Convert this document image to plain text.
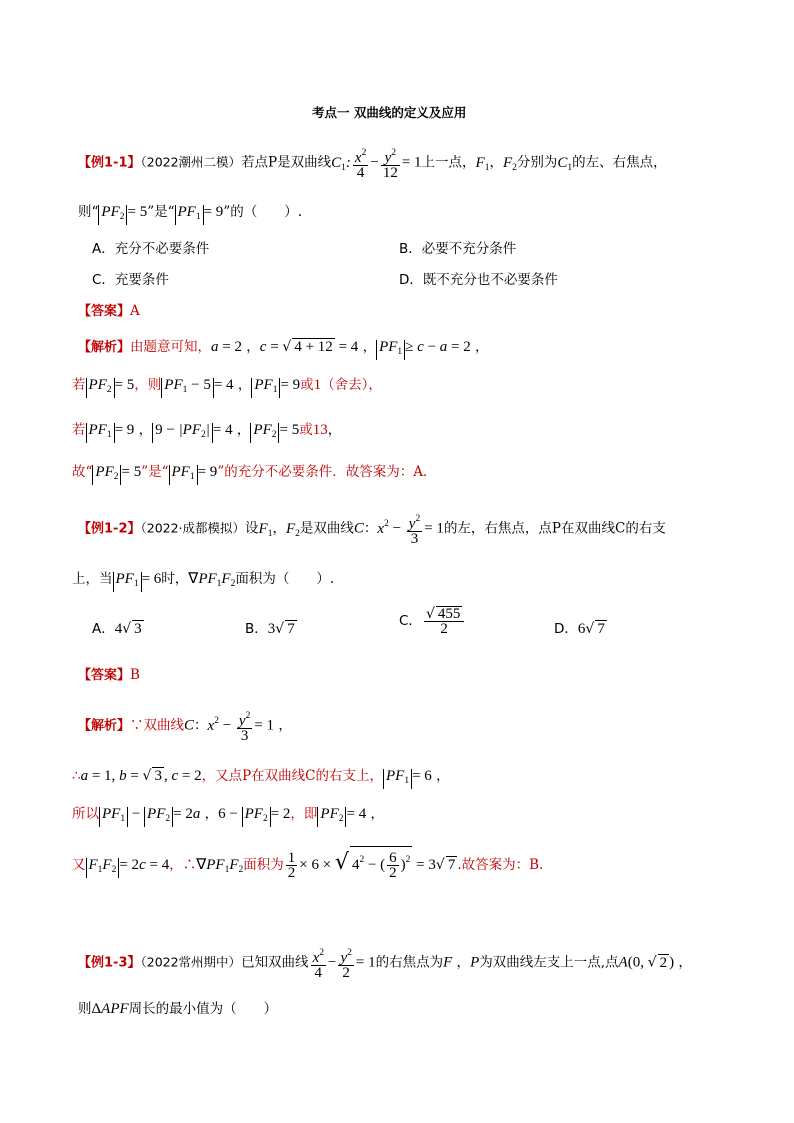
考点一 双曲线的定义及应用
【例1-1】（2022潮州二模）若点P是双曲线$C_1$: $\frac{x^2}{4} - \frac{y^2}{12} = 1$上一点，$F_1$，$F_2$分别为$C_1$的左、右焦点，
则“ $PF_2 = 5$”是“ $PF_1 = 9$”的（　　）.
A．充分不必要条件	B．必要不充分条件
C．充要条件	D．既不充分也不必要条件
【答案】A
【解析】由题意可知，a = 2 ，c = √ 4 + 12 = 4 ， $PF_1 \ge c - a = 2$ ，
若 $PF_2 = 5$，则 $PF_1 - 5 = 4$ ， $PF_1 = 9$或1（舍去），
若 $PF_1 = 9$ ， $9 - |PF_2| = 4$ ， $PF_2 = 5$或13，
故“ $PF_2 = 5$”是“ $PF_1 = 9$”的充分不必要条件．故答案为：A．
【例1-2】（2022·成都模拟）设$F_1$，$F_2$是双曲线C：$x^2 - \frac{y^2}{3} = 1$的左，右焦点，点P在双曲线C的右支
上，当 $PF_1 = 6$时，$\nabla PF_1F_2$面积为（　　）.
A．4√ 3	B．3√ 7	C． $\frac{√ 455}{2}$	D．6√ 7
【答案】B
【解析】∵双曲线C：$x^2 - \frac{y^2}{3} = 1$ ，
∴a = 1, b = √ 3 , c = 2，又点P在双曲线C的右支上， $PF_1 = 6$ ，
所以 $PF_1 - PF_2 = 2a$ ，$6 - PF_2 = 2$，即 $PF_2 = 4$ ，
又 $F_1F_2 = 2c = 4$，$\therefore\nabla PF_1F_2$面积为 $\frac{1}{2} \times 6$ × √ $4^2$ − ( $\frac{6}{2} )^2 = 3√$ 7 .故答案为：B.
【例1-3】（2022常州期中）已知双曲线 $\frac{x^2}{4} - \frac{y^2}{2} = 1$的右焦点为F ，P为双曲线左支上一点,点A(0, √ 2 ) ，
则ΔAPF周长的最小值为（　　）
